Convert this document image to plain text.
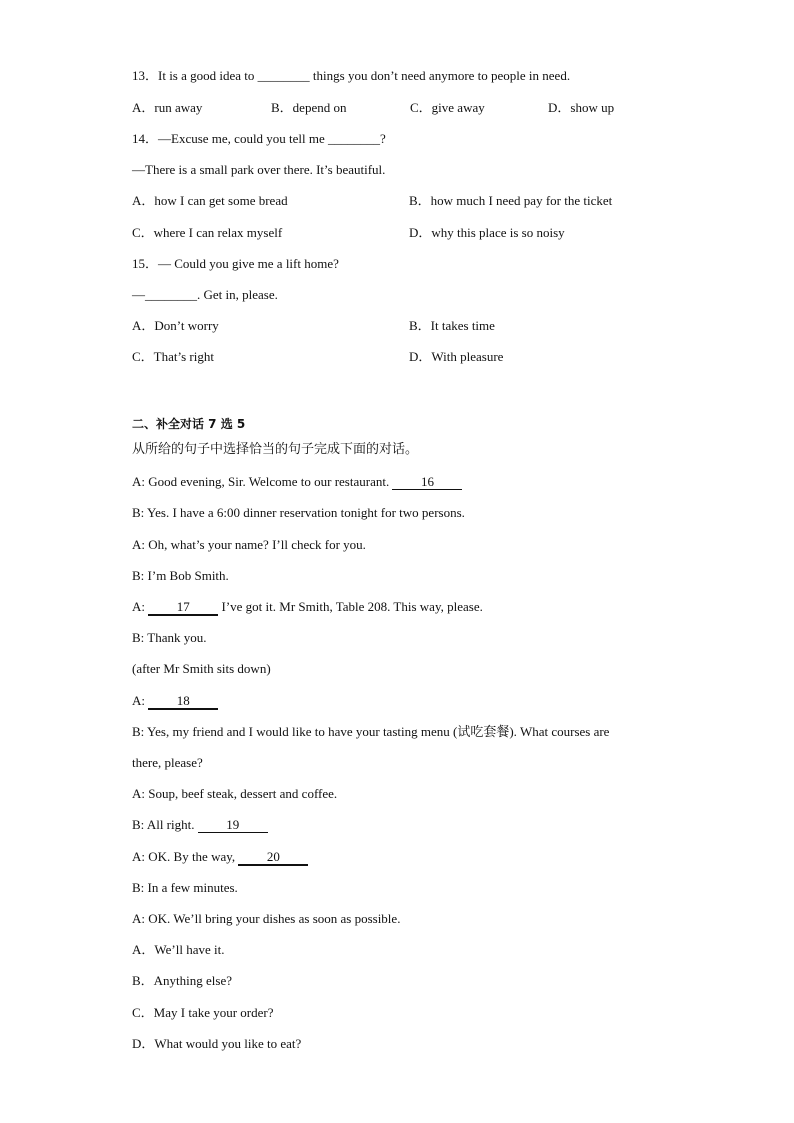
13．It is a good idea to ________ things you don’t need anymore to people in need.
A．run away	B．depend on	C．give away	D．show up
14．—Excuse me, could you tell me ________?
—There is a small park over there. It’s beautiful.
A．how I can get some bread	B．how much I need pay for the ticket
C．where I can relax myself	D．why this place is so noisy
15．— Could you give me a lift home?
—________. Get in, please.
A．Don’t worry	B．It takes time
C．That’s right	D．With pleasure
二、补全对话 7 选 5
从所给的句子中选择恰当的句子完成下面的对话。
A: Good evening, Sir. Welcome to our restaurant. 16
B: Yes. I have a 6:00 dinner reservation tonight for two persons.
A: Oh, what’s your name? I’ll check for you.
B: I’m Bob Smith.
A: 17 I’ve got it. Mr Smith, Table 208. This way, please.
B: Thank you.
(after Mr Smith sits down)
A: 18
B: Yes, my friend and I would like to have your tasting menu (试吃套餐). What courses are
there, please?
A: Soup, beef steak, dessert and coffee.
B: All right. 19
A: OK. By the way, 20
B: In a few minutes.
A: OK. We’ll bring your dishes as soon as possible.
A．We’ll have it.
B．Anything else?
C．May I take your order?
D．What would you like to eat?
